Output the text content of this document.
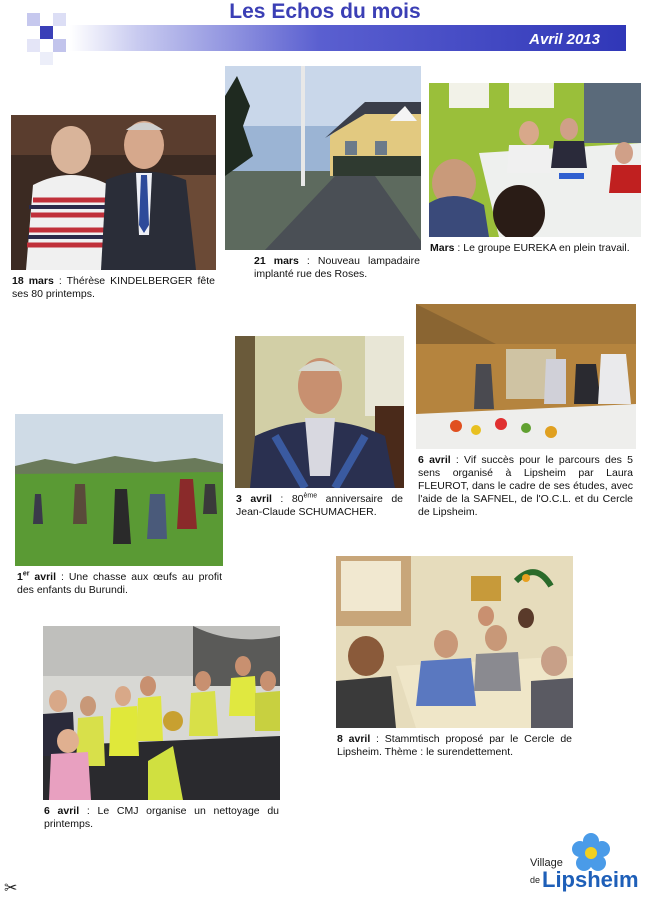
Les Echos du mois
Avril 2013
18 mars : Thérèse KINDELBERGER fête ses 80 printemps.
21 mars : Nouveau lampadaire implanté rue des Roses.
Mars : Le groupe EUREKA en plein travail.
3 avril : 80ème anniversaire de Jean-Claude SCHUMACHER.
6 avril : Vif succès pour le parcours des 5 sens organisé à Lipsheim par Laura FLEUROT, dans le cadre de ses études, avec l'aide de la SAFNEL, de l'O.C.L. et du Cercle de Lipsheim.
1er avril : Une chasse aux œufs au profit des enfants du Burundi.
8 avril : Stammtisch proposé par le Cercle de Lipsheim. Thème : le surendettement.
6 avril : Le CMJ organise un nettoyage du printemps.
✂
Village
de Lipsheim
